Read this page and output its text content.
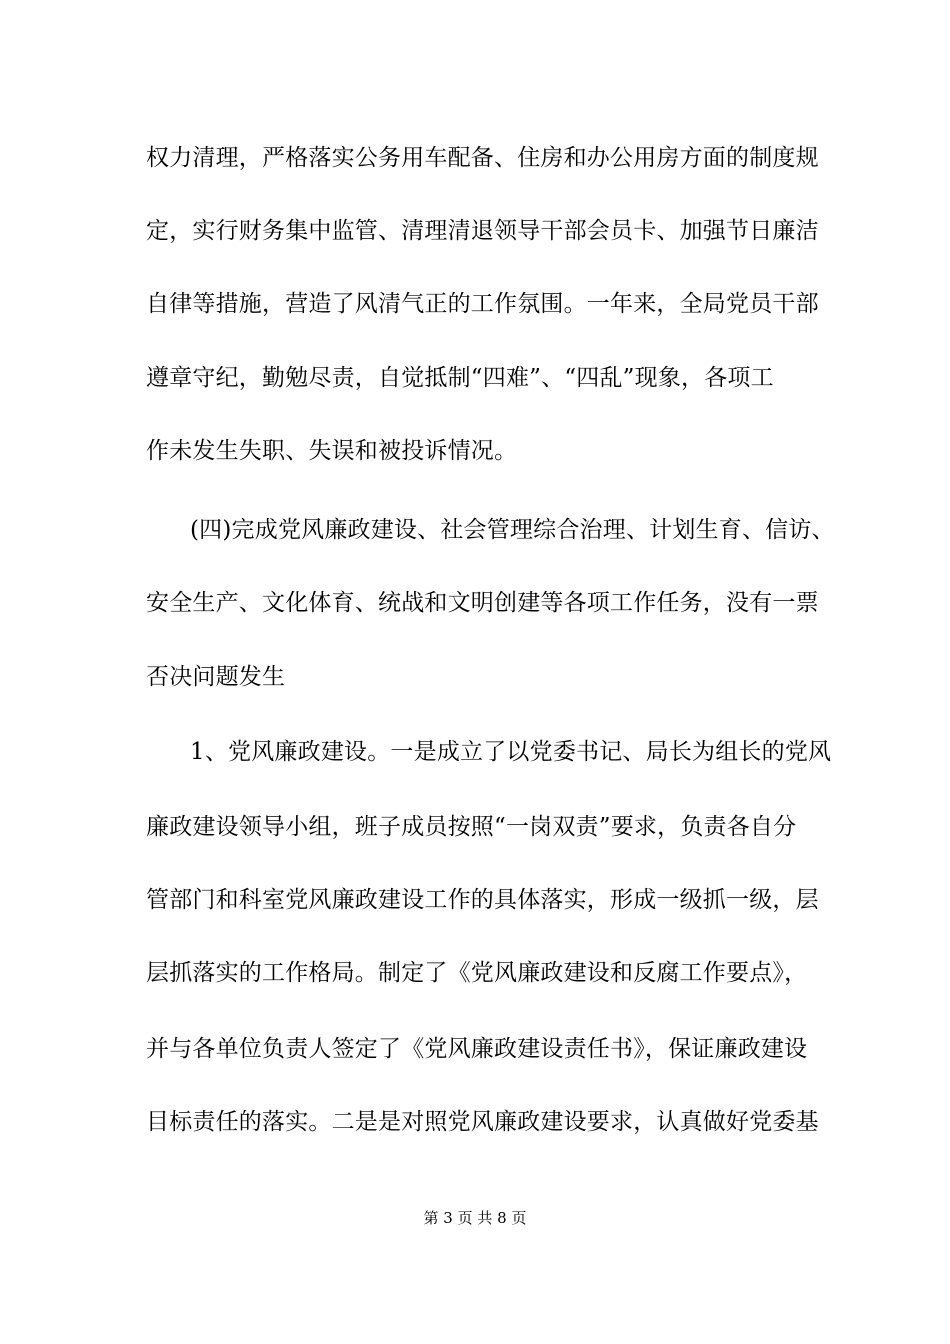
权力清理，严格落实公务用车配备、住房和办公用房方面的制度规
定，实行财务集中监管、清理清退领导干部会员卡、加强节日廉洁
自律等措施，营造了风清气正的工作氛围。一年来，全局党员干部
遵章守纪，勤勉尽责，自觉抵制“四难”、“四乱”现象，各项工
作未发生失职、失误和被投诉情况。
(四)完成党风廉政建设、社会管理综合治理、计划生育、信访、
安全生产、文化体育、统战和文明创建等各项工作任务，没有一票
否决问题发生
1、党风廉政建设。一是成立了以党委书记、局长为组长的党风
廉政建设领导小组，班子成员按照“一岗双责”要求，负责各自分
管部门和科室党风廉政建设工作的具体落实，形成一级抓一级，层
层抓落实的工作格局。制定了《党风廉政建设和反腐工作要点》，
并与各单位负责人签定了《党风廉政建设责任书》，保证廉政建设
目标责任的落实。二是是对照党风廉政建设要求，认真做好党委基
第 3 页 共 8 页
